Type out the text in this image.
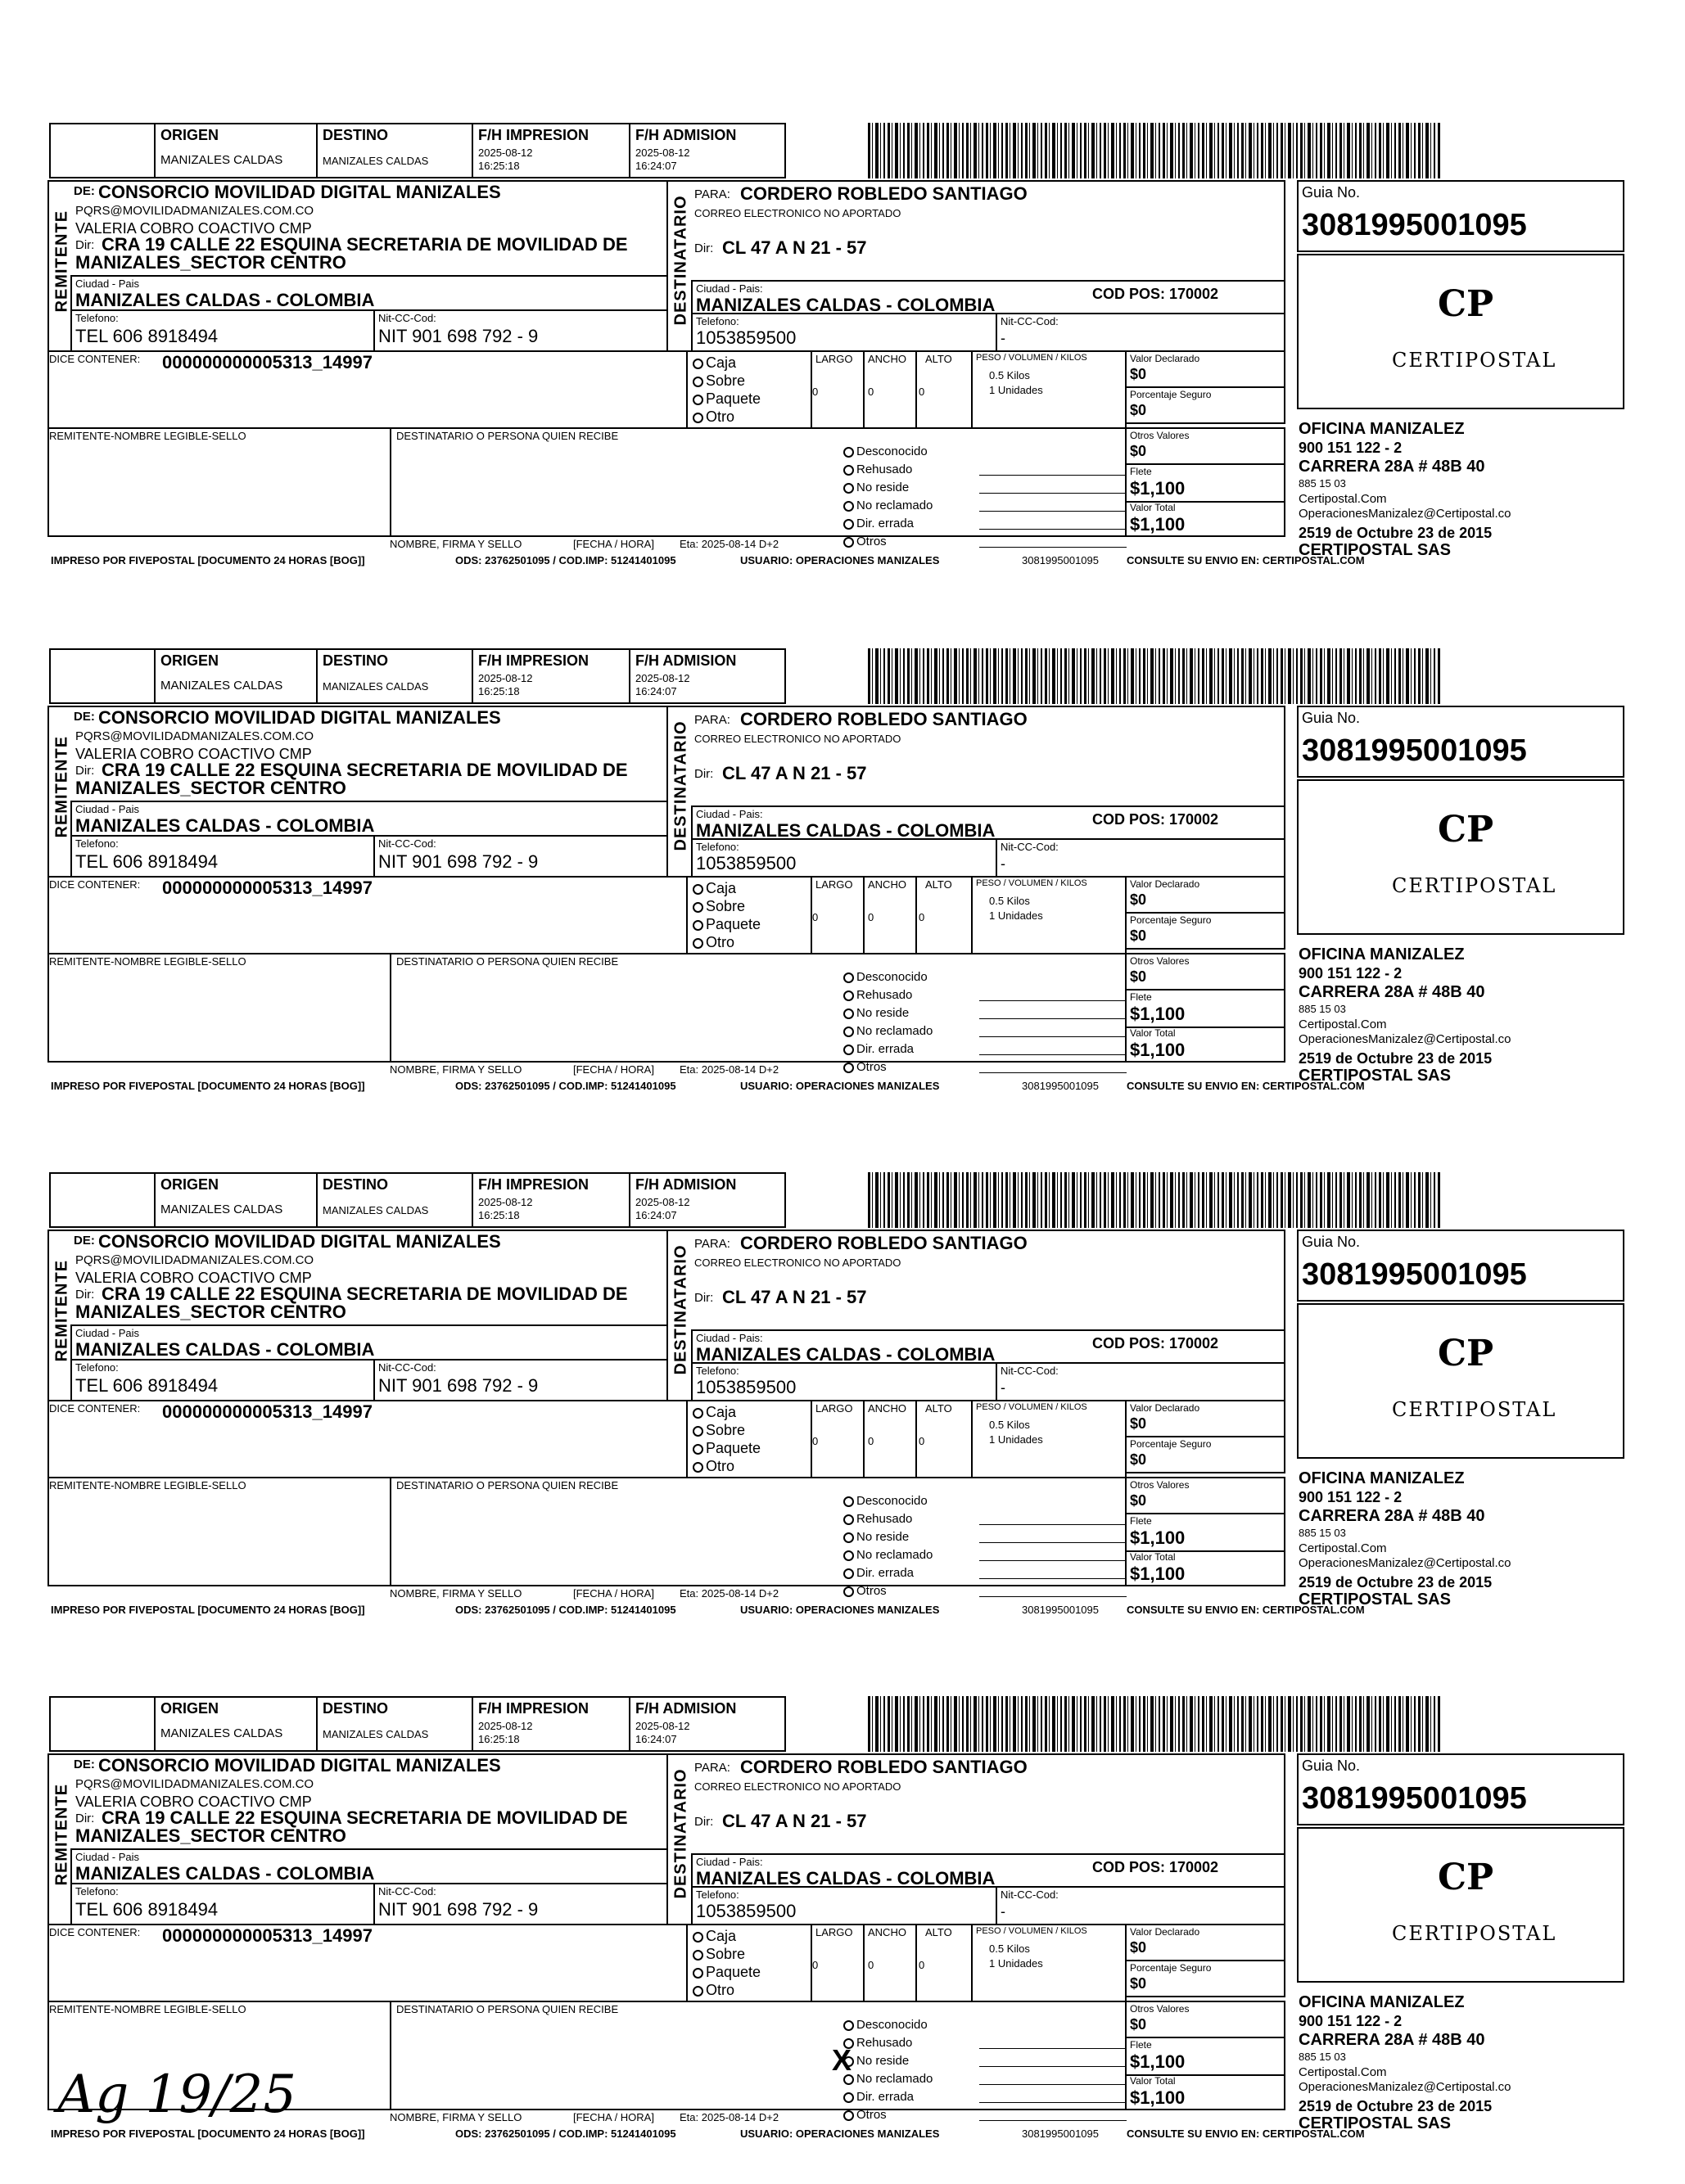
ORIGEN
MANIZALES CALDAS
DESTINO
MANIZALES CALDAS
F/H IMPRESION
2025-08-12
16:25:18
F/H ADMISION
2025-08-12
16:24:07
REMITENTE
DE: CONSORCIO MOVILIDAD DIGITAL MANIZALES
PQRS@MOVILIDADMANIZALES.COM.CO
VALERIA COBRO COACTIVO CMP
Dir: CRA 19 CALLE 22 ESQUINA SECRETARIA DE MOVILIDAD DE
MANIZALES_SECTOR CENTRO
Ciudad - Pais
MANIZALES CALDAS - COLOMBIA
Telefono:
TEL 606 8918494
Nit-CC-Cod:
NIT 901 698 792 - 9
DESTINATARIO
PARA: CORDERO ROBLEDO SANTIAGO
CORREO ELECTRONICO NO APORTADO
Dir: CL 47 A N 21 - 57
Ciudad - Pais:
MANIZALES CALDAS - COLOMBIA
COD POS: 170002
Telefono:
1053859500
Nit-CC-Cod:
-
Guia No.
3081995001095
CP
CERTIPOSTAL
DICE CONTENER: 000000000005313_14997	Caja
Sobre
Paquete
Otro
LARGO
0
ANCHO
0
ALTO
0
PESO / VOLUMEN / KILOS
0.5 Kilos
1 Unidades
Valor Declarado
$0
Porcentaje Seguro
$0
Otros Valores
$0
Flete
$1,100
Valor Total
$1,100
REMITENTE-NOMBRE LEGIBLE-SELLO	DESTINATARIO O PERSONA QUIEN RECIBE
Desconocido
Rehusado
No reside
No reclamado
Dir. errada
Otros
NOMBRE, FIRMA Y SELLO	[FECHA / HORA] Eta: 2025-08-14 D+2
OFICINA MANIZALEZ
900 151 122 - 2
CARRERA 28A # 48B 40
885 15 03
Certipostal.Com
OperacionesManizalez@Certipostal.co
2519 de Octubre 23 de 2015
CERTIPOSTAL SAS
IMPRESO POR FIVEPOSTAL [DOCUMENTO 24 HORAS [BOG]]	ODS: 23762501095 / COD.IMP: 51241401095	USUARIO: OPERACIONES MANIZALES	3081995001095	CONSULTE SU ENVIO EN: CERTIPOSTAL.COM
ORIGEN
MANIZALES CALDAS
DESTINO
MANIZALES CALDAS
F/H IMPRESION
2025-08-12
16:25:18
F/H ADMISION
2025-08-12
16:24:07
REMITENTE
DE: CONSORCIO MOVILIDAD DIGITAL MANIZALES
PQRS@MOVILIDADMANIZALES.COM.CO
VALERIA COBRO COACTIVO CMP
Dir: CRA 19 CALLE 22 ESQUINA SECRETARIA DE MOVILIDAD DE
MANIZALES_SECTOR CENTRO
Ciudad - Pais
MANIZALES CALDAS - COLOMBIA
Telefono:
TEL 606 8918494
Nit-CC-Cod:
NIT 901 698 792 - 9
DESTINATARIO
PARA: CORDERO ROBLEDO SANTIAGO
CORREO ELECTRONICO NO APORTADO
Dir: CL 47 A N 21 - 57
Ciudad - Pais:
MANIZALES CALDAS - COLOMBIA
COD POS: 170002
Telefono:
1053859500
Nit-CC-Cod:
-
Guia No.
3081995001095
CP
CERTIPOSTAL
DICE CONTENER: 000000000005313_14997	Caja
Sobre
Paquete
Otro
LARGO
0
ANCHO
0
ALTO
0
PESO / VOLUMEN / KILOS
0.5 Kilos
1 Unidades
Valor Declarado
$0
Porcentaje Seguro
$0
Otros Valores
$0
Flete
$1,100
Valor Total
$1,100
REMITENTE-NOMBRE LEGIBLE-SELLO	DESTINATARIO O PERSONA QUIEN RECIBE
Desconocido
Rehusado
No reside
No reclamado
Dir. errada
Otros
NOMBRE, FIRMA Y SELLO	[FECHA / HORA] Eta: 2025-08-14 D+2
OFICINA MANIZALEZ
900 151 122 - 2
CARRERA 28A # 48B 40
885 15 03
Certipostal.Com
OperacionesManizalez@Certipostal.co
2519 de Octubre 23 de 2015
CERTIPOSTAL SAS
IMPRESO POR FIVEPOSTAL [DOCUMENTO 24 HORAS [BOG]]	ODS: 23762501095 / COD.IMP: 51241401095	USUARIO: OPERACIONES MANIZALES	3081995001095	CONSULTE SU ENVIO EN: CERTIPOSTAL.COM
ORIGEN
MANIZALES CALDAS
DESTINO
MANIZALES CALDAS
F/H IMPRESION
2025-08-12
16:25:18
F/H ADMISION
2025-08-12
16:24:07
REMITENTE
DE: CONSORCIO MOVILIDAD DIGITAL MANIZALES
PQRS@MOVILIDADMANIZALES.COM.CO
VALERIA COBRO COACTIVO CMP
Dir: CRA 19 CALLE 22 ESQUINA SECRETARIA DE MOVILIDAD DE
MANIZALES_SECTOR CENTRO
Ciudad - Pais
MANIZALES CALDAS - COLOMBIA
Telefono:
TEL 606 8918494
Nit-CC-Cod:
NIT 901 698 792 - 9
DESTINATARIO
PARA: CORDERO ROBLEDO SANTIAGO
CORREO ELECTRONICO NO APORTADO
Dir: CL 47 A N 21 - 57
Ciudad - Pais:
MANIZALES CALDAS - COLOMBIA
COD POS: 170002
Telefono:
1053859500
Nit-CC-Cod:
-
Guia No.
3081995001095
CP
CERTIPOSTAL
DICE CONTENER: 000000000005313_14997	Caja
Sobre
Paquete
Otro
LARGO
0
ANCHO
0
ALTO
0
PESO / VOLUMEN / KILOS
0.5 Kilos
1 Unidades
Valor Declarado
$0
Porcentaje Seguro
$0
Otros Valores
$0
Flete
$1,100
Valor Total
$1,100
REMITENTE-NOMBRE LEGIBLE-SELLO	DESTINATARIO O PERSONA QUIEN RECIBE
Desconocido
Rehusado
No reside
No reclamado
Dir. errada
Otros
NOMBRE, FIRMA Y SELLO	[FECHA / HORA] Eta: 2025-08-14 D+2
OFICINA MANIZALEZ
900 151 122 - 2
CARRERA 28A # 48B 40
885 15 03
Certipostal.Com
OperacionesManizalez@Certipostal.co
2519 de Octubre 23 de 2015
CERTIPOSTAL SAS
IMPRESO POR FIVEPOSTAL [DOCUMENTO 24 HORAS [BOG]]	ODS: 23762501095 / COD.IMP: 51241401095	USUARIO: OPERACIONES MANIZALES	3081995001095	CONSULTE SU ENVIO EN: CERTIPOSTAL.COM
ORIGEN
MANIZALES CALDAS
DESTINO
MANIZALES CALDAS
F/H IMPRESION
2025-08-12
16:25:18
F/H ADMISION
2025-08-12
16:24:07
REMITENTE
DE: CONSORCIO MOVILIDAD DIGITAL MANIZALES
PQRS@MOVILIDADMANIZALES.COM.CO
VALERIA COBRO COACTIVO CMP
Dir: CRA 19 CALLE 22 ESQUINA SECRETARIA DE MOVILIDAD DE
MANIZALES_SECTOR CENTRO
Ciudad - Pais
MANIZALES CALDAS - COLOMBIA
Telefono:
TEL 606 8918494
Nit-CC-Cod:
NIT 901 698 792 - 9
DESTINATARIO
PARA: CORDERO ROBLEDO SANTIAGO
CORREO ELECTRONICO NO APORTADO
Dir: CL 47 A N 21 - 57
Ciudad - Pais:
MANIZALES CALDAS - COLOMBIA
COD POS: 170002
Telefono:
1053859500
Nit-CC-Cod:
-
Guia No.
3081995001095
CP
CERTIPOSTAL
DICE CONTENER: 000000000005313_14997	Caja
Sobre
Paquete
Otro
LARGO
0
ANCHO
0
ALTO
0
PESO / VOLUMEN / KILOS
0.5 Kilos
1 Unidades
Valor Declarado
$0
Porcentaje Seguro
$0
Otros Valores
$0
Flete
$1,100
Valor Total
$1,100
REMITENTE-NOMBRE LEGIBLE-SELLO	DESTINATARIO O PERSONA QUIEN RECIBE
Desconocido
Rehusado
No reside
No reclamado
Dir. errada
Otros
NOMBRE, FIRMA Y SELLO	[FECHA / HORA] Eta: 2025-08-14 D+2
OFICINA MANIZALEZ
900 151 122 - 2
CARRERA 28A # 48B 40
885 15 03
Certipostal.Com
OperacionesManizalez@Certipostal.co
2519 de Octubre 23 de 2015
CERTIPOSTAL SAS
IMPRESO POR FIVEPOSTAL [DOCUMENTO 24 HORAS [BOG]]	ODS: 23762501095 / COD.IMP: 51241401095	USUARIO: OPERACIONES MANIZALES	3081995001095	CONSULTE SU ENVIO EN: CERTIPOSTAL.COM
Ag 19/25
X
